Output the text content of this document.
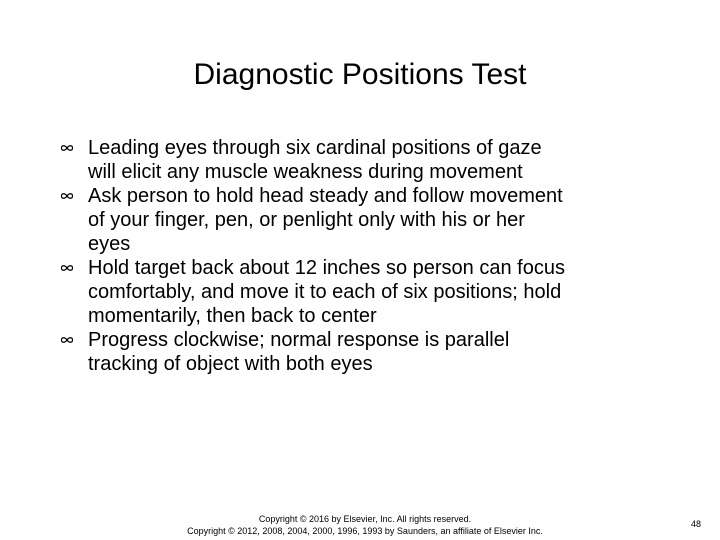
Diagnostic Positions Test
Leading eyes through six cardinal positions of gaze
will elicit any muscle weakness during movement
Ask person to hold head steady and follow movement
of your finger, pen, or penlight only with his or her
eyes
Hold target back about 12 inches so person can focus
comfortably, and move it to each of six positions; hold
momentarily, then back to center
Progress clockwise; normal response is parallel
tracking of object with both eyes
Copyright © 2016 by Elsevier, Inc. All rights reserved.
Copyright © 2012, 2008, 2004, 2000, 1996, 1993 by Saunders, an affiliate of Elsevier Inc.
48
